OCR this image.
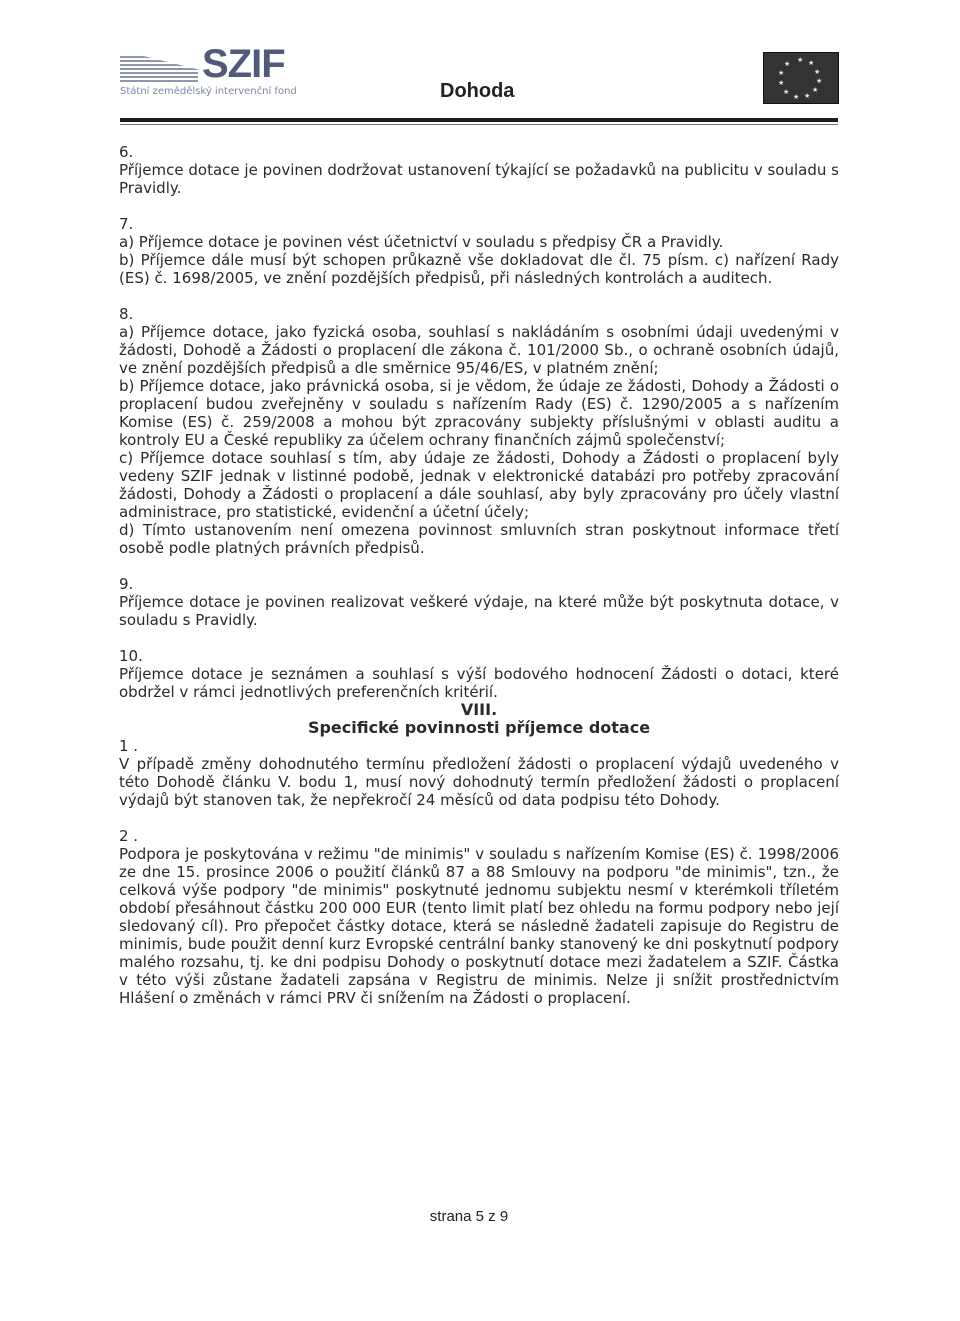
SZIF
Státní zemědělský intervenční fond	Dohoda
★ ★
★
★
★
★
★
★
★
★
★

6.

Příjemce dotace je povinen dodržovat ustanovení týkající se požadavků na publicitu v souladu s Pravidly.

7.

a) Příjemce dotace je povinen vést účetnictví v souladu s předpisy ČR a Pravidly.

b) Příjemce dále musí být schopen průkazně vše dokladovat dle čl. 75 písm. c) nařízení Rady (ES) č. 1698/2005, ve znění pozdějších předpisů, při následných kontrolách a auditech.

8.

a) Příjemce dotace, jako fyzická osoba, souhlasí s nakládáním s osobními údaji uvedenými v žádosti, Dohodě a Žádosti o proplacení dle zákona č. 101/2000 Sb., o ochraně osobních údajů, ve znění pozdějších předpisů a dle směrnice 95/46/ES, v platném znění;

b) Příjemce dotace, jako právnická osoba, si je vědom, že údaje ze žádosti, Dohody a Žádosti o proplacení budou zveřejněny v souladu s nařízením Rady (ES) č. 1290/2005 a s nařízením Komise (ES) č. 259/2008 a mohou být zpracovány subjekty příslušnými v oblasti auditu a kontroly EU a České republiky za účelem ochrany finančních zájmů společenství;

c) Příjemce dotace souhlasí s tím, aby údaje ze žádosti, Dohody a Žádosti o proplacení byly vedeny SZIF jednak v listinné podobě, jednak v elektronické databázi pro potřeby zpracování žádosti, Dohody a Žádosti o proplacení a dále souhlasí, aby byly zpracovány pro účely vlastní administrace, pro statistické, evidenční a účetní účely;

d) Tímto ustanovením není omezena povinnost smluvních stran poskytnout informace třetí osobě podle platných právních předpisů.

9.

Příjemce dotace je povinen realizovat veškeré výdaje, na které může být poskytnuta dotace, v souladu s Pravidly.

10.

Příjemce dotace je seznámen a souhlasí s výší bodového hodnocení Žádosti o dotaci, které obdržel v rámci jednotlivých preferenčních kritérií.

VIII.

Specifické povinnosti příjemce dotace

1 .

V případě změny dohodnutého termínu předložení žádosti o proplacení výdajů uvedeného v této Dohodě článku V. bodu 1, musí nový dohodnutý termín předložení žádosti o proplacení výdajů být stanoven tak, že nepřekročí 24 měsíců od data podpisu této Dohody.

2 .

Podpora je poskytována v režimu "de minimis" v souladu s nařízením Komise (ES) č. 1998/2006 ze dne 15. prosince 2006 o použití článků 87 a 88 Smlouvy na podporu "de minimis", tzn., že celková výše podpory "de minimis" poskytnuté jednomu subjektu nesmí v kterémkoli tříletém období přesáhnout částku 200 000 EUR (tento limit platí bez ohledu na formu podpory nebo její sledovaný cíl). Pro přepočet částky dotace, která se následně žadateli zapisuje do Registru de minimis, bude použit denní kurz Evropské centrální banky stanovený ke dni poskytnutí podpory malého rozsahu, tj. ke dni podpisu Dohody o poskytnutí dotace mezi žadatelem a SZIF. Částka v této výši zůstane žadateli zapsána v Registru de minimis. Nelze ji snížit prostřednictvím Hlášení o změnách v rámci PRV či snížením na Žádosti o proplacení.

strana 5 z 9
